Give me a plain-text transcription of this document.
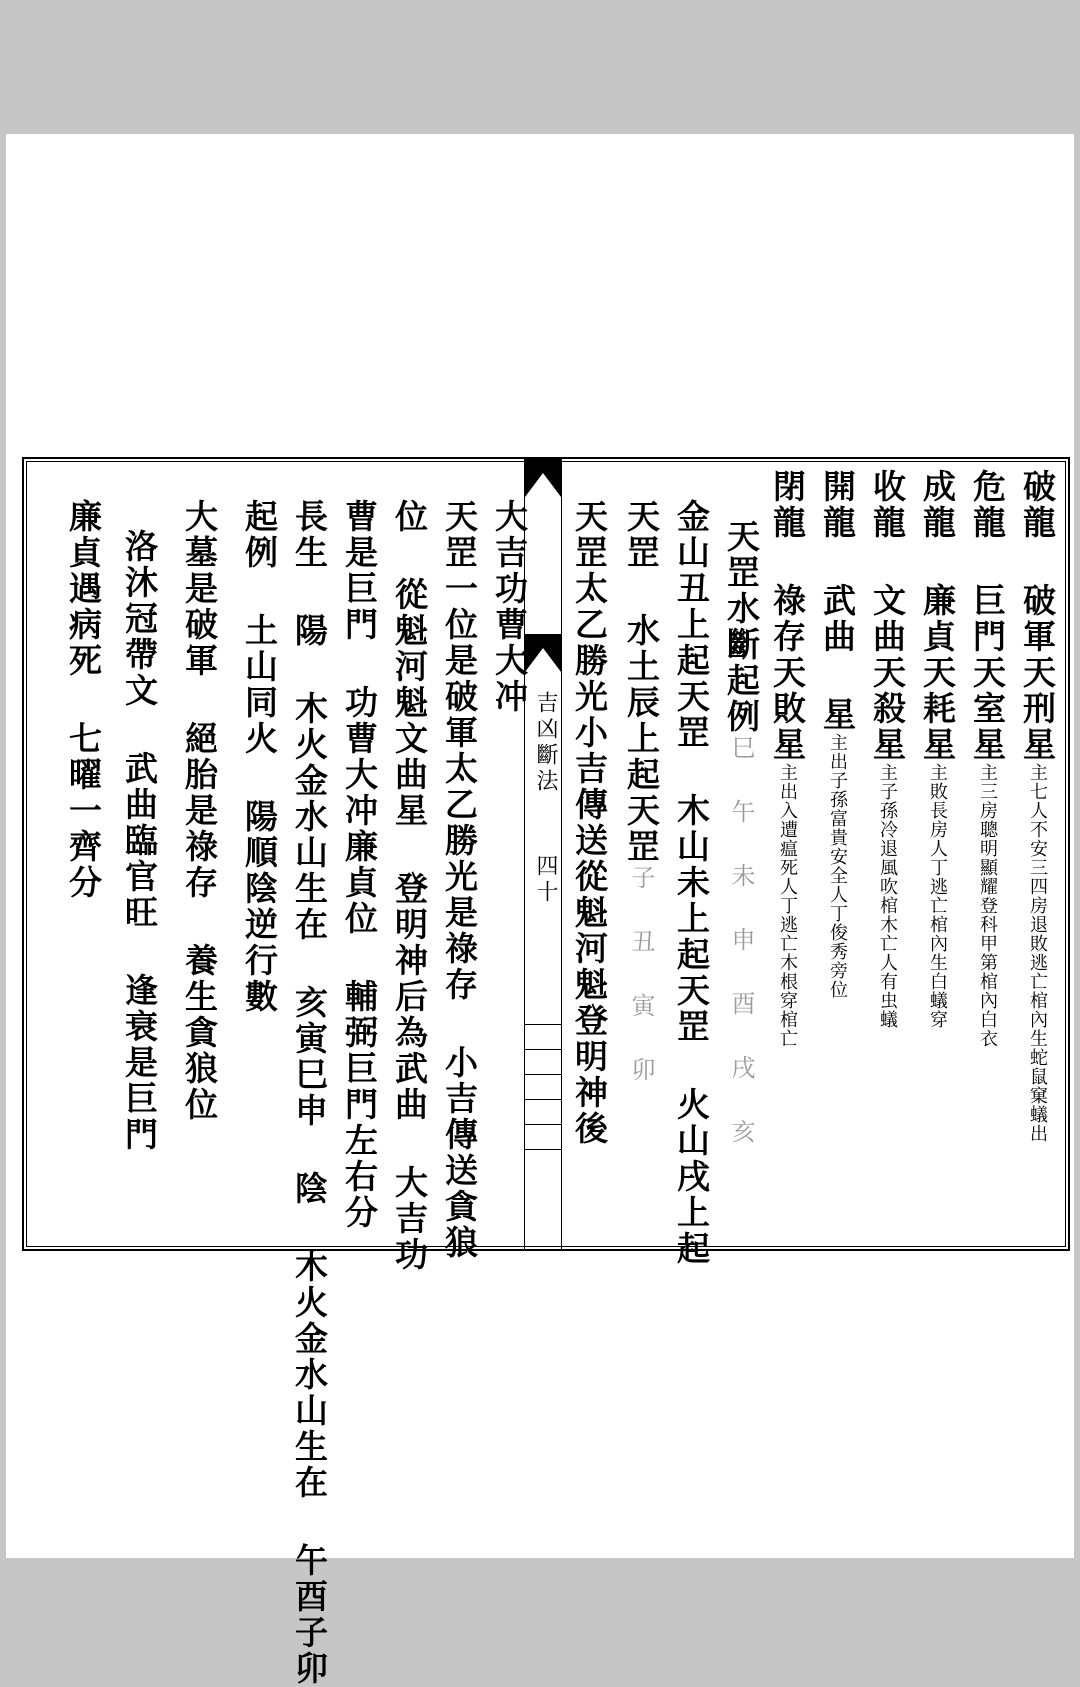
破龍 破軍天刑星主七人不安三四房退敗逃亡棺內生蛇鼠窠蟻出
危龍 巨門天室星主三房聰明顯耀登科甲第棺內白衣
成龍 廉貞天耗星主敗長房人丁逃亡棺內生白蟻穿
收龍 文曲天殺星主子孫冷退風吹棺木亡人有虫蟻
開龍 武曲 星主出子孫富貴安全人丁俊秀旁位
閉龍 祿存天敗星主出入遭瘟死人丁逃亡木根穿棺亡
天罡水斷起例巳 午 未 申 酉 戌 亥
金山丑上起天罡 木山未上起天罡 火山戌上起
天罡 水土辰上起天罡子 丑 寅 卯
天罡太乙勝光小吉傳送從魁河魁登明神後
吉凶斷法
四十
大吉功曹大冲
天罡一位是破軍太乙勝光是祿存 小吉傳送貪狼
位 從魁河魁文曲星 登明神后為武曲 大吉功
曹是巨門 功曹大冲廉貞位 輔弼巨門左右分
長生 陽 木火金水山生在 亥寅巳申 陰 木火金水山生在 午酉子卯
起例 土山同火 陽順陰逆行數
大墓是破軍 絕胎是祿存 養生貪狼位
洛沐冠帶文 武曲臨官旺 逢衰是巨門
廉貞遇病死 七曜一齊分
